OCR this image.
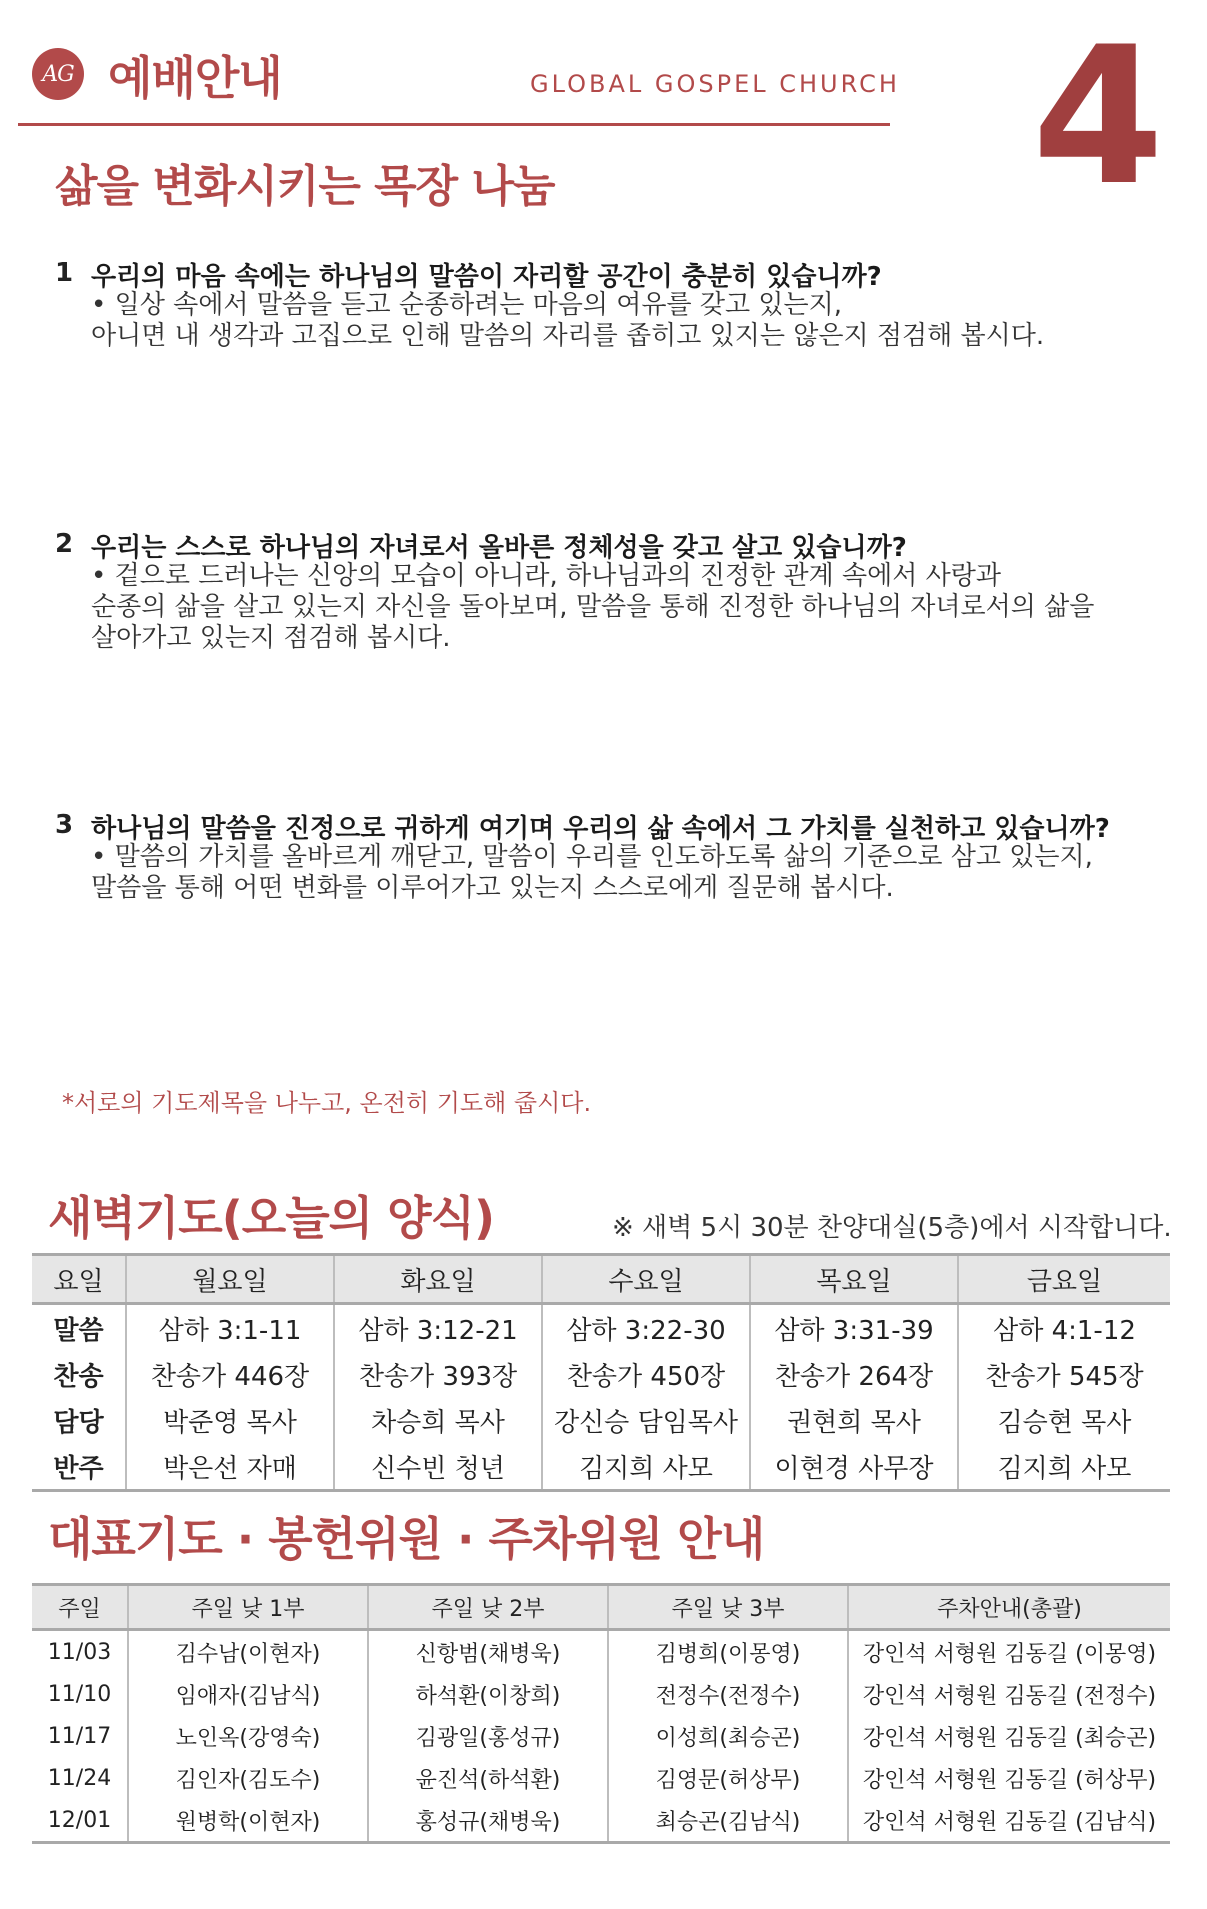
AG 예배안내	GLOBAL GOSPEL CHURCH 4
삶을 변화시키는 목장 나눔
1 우리의 마음 속에는 하나님의 말씀이 자리할 공간이 충분히 있습니까?
• 일상 속에서 말씀을 듣고 순종하려는 마음의 여유를 갖고 있는지,
아니면 내 생각과 고집으로 인해 말씀의 자리를 좁히고 있지는 않은지 점검해 봅시다.
2 우리는 스스로 하나님의 자녀로서 올바른 정체성을 갖고 살고 있습니까?
• 겉으로 드러나는 신앙의 모습이 아니라, 하나님과의 진정한 관계 속에서 사랑과
순종의 삶을 살고 있는지 자신을 돌아보며, 말씀을 통해 진정한 하나님의 자녀로서의 삶을
살아가고 있는지 점검해 봅시다.
3 하나님의 말씀을 진정으로 귀하게 여기며 우리의 삶 속에서 그 가치를 실천하고 있습니까?
• 말씀의 가치를 올바르게 깨닫고, 말씀이 우리를 인도하도록 삶의 기준으로 삼고 있는지,
말씀을 통해 어떤 변화를 이루어가고 있는지 스스로에게 질문해 봅시다.
*서로의 기도제목을 나누고, 온전히 기도해 줍시다.
새벽기도(오늘의 양식)	※ 새벽 5시 30분 찬양대실(5층)에서 시작합니다.
요일	월요일	화요일	수요일	목요일	금요일
말씀	삼하 3:1-11	삼하 3:12-21	삼하 3:22-30	삼하 3:31-39	삼하 4:1-12
찬송	찬송가 446장	찬송가 393장	찬송가 450장	찬송가 264장	찬송가 545장
담당	박준영 목사	차승희 목사	강신승 담임목사	권현희 목사	김승현 목사
반주	박은선 자매	신수빈 청년	김지희 사모	이현경 사무장	김지희 사모
대표기도 · 봉헌위원 · 주차위원 안내
주일	주일 낮 1부	주일 낮 2부	주일 낮 3부	주차안내(총괄)
11/03	김수남(이현자)	신항범(채병욱)	김병희(이몽영)	강인석 서형원 김동길 (이몽영)
11/10	임애자(김남식)	하석환(이창희)	전정수(전정수)	강인석 서형원 김동길 (전정수)
11/17	노인옥(강영숙)	김광일(홍성규)	이성희(최승곤)	강인석 서형원 김동길 (최승곤)
11/24	김인자(김도수)	윤진석(하석환)	김영문(허상무)	강인석 서형원 김동길 (허상무)
12/01	원병학(이현자)	홍성규(채병욱)	최승곤(김남식)	강인석 서형원 김동길 (김남식)
